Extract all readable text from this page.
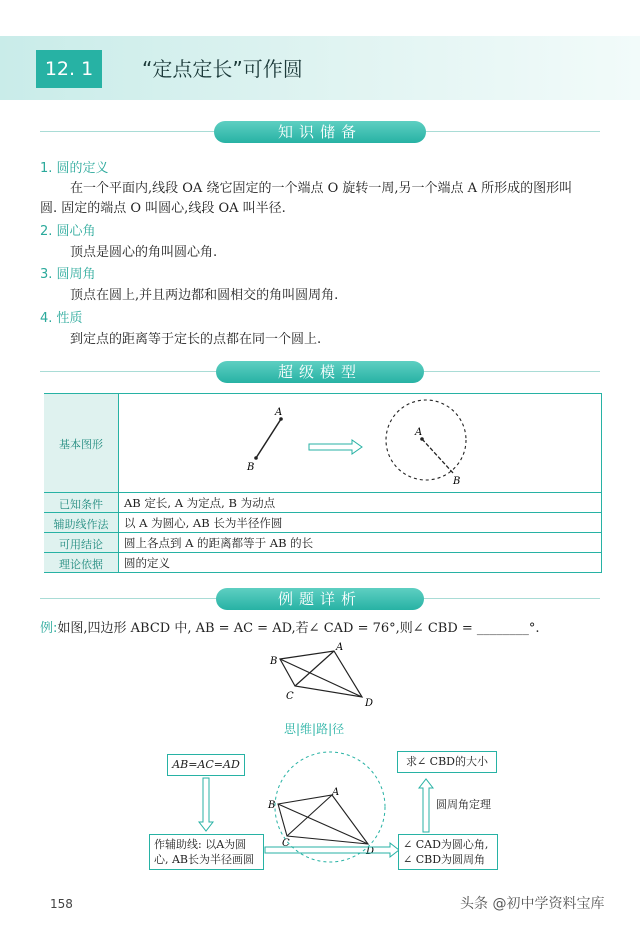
12. 1	“定点定长”可作圆
知识储备
1. 圆的定义
在一个平面内,线段 OA 绕它固定的一个端点 O 旋转一周,另一个端点 A 所形成的图形叫
圆. 固定的端点 O 叫圆心,线段 OA 叫半径.
2. 圆心角
顶点是圆心的角叫圆心角.
3. 圆周角
顶点在圆上,并且两边都和圆相交的角叫圆周角.
4. 性质
到定点的距离等于定长的点都在同一个圆上.
超级模型
基本图形
已知条件
辅助线作法
可用结论
理论依据
AB 定长, A 为定点, B 为动点
以 A 为圆心, AB 长为半径作圆
圆上各点到 A 的距离都等于 AB 的长
圆的定义
A
B
A
B
例题详析
例:如图,四边形 ABCD 中, AB = AC = AD,若∠ CAD = 76°,则∠ CBD = ________°.
A
B
C
D
思|维|路|径
A
B
C
D
AB=AC=AD
作辅助线: 以A为圆
心, AB长为半径画圆
求∠ CBD的大小
∠ CAD为圆心角,
∠ CBD为圆周角
圆周角定理
158	头条 @初中学资料宝库
